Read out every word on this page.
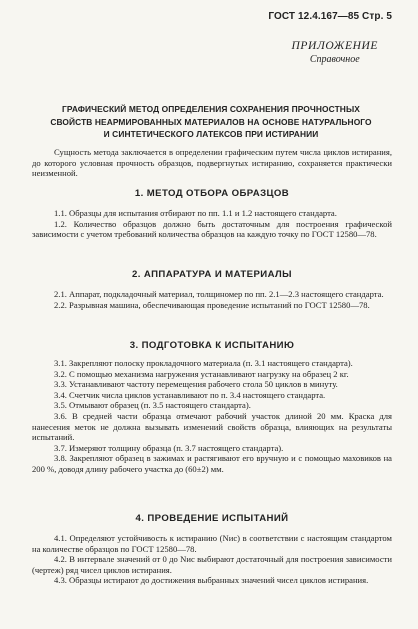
ГОСТ 12.4.167—85 Стр. 5
ПРИЛОЖЕНИЕ
Справочное
ГРАФИЧЕСКИЙ МЕТОД ОПРЕДЕЛЕНИЯ СОХРАНЕНИЯ ПРОЧНОСТНЫХ
СВОЙСТВ НЕАРМИРОВАННЫХ МАТЕРИАЛОВ НА ОСНОВЕ НАТУРАЛЬНОГО
И СИНТЕТИЧЕСКОГО ЛАТЕКСОВ ПРИ ИСТИРАНИИ

Сущность метода заключается в определении графическим путем числа циклов истирания, до которого условная прочность образцов, подвергнутых истиранию, сохраняется практически неизменной.

1. МЕТОД ОТБОРА ОБРАЗЦОВ

1.1. Образцы для испытания отбирают по пп. 1.1 и 1.2 настоящего стандарта.

1.2. Количество образцов должно быть достаточным для построения графической зависимости с учетом требований количества образцов на каждую точку по ГОСТ 12580—78.

2. АППАРАТУРА И МАТЕРИАЛЫ

2.1. Аппарат, подкладочный материал, толщиномер по пп. 2.1—2.3 настоящего стандарта.

2.2. Разрывная машина, обеспечивающая проведение испытаний по ГОСТ 12580—78.

3. ПОДГОТОВКА К ИСПЫТАНИЮ

3.1. Закрепляют полоску прокладочного материала (п. 3.1 настоящего стандарта).

3.2. С помощью механизма нагружения устанавливают нагрузку на образец 2 кг.

3.3. Устанавливают частоту перемещения рабочего стола 50 циклов в минуту.

3.4. Счетчик числа циклов устанавливают по п. 3.4 настоящего стандарта.

3.5. Отмывают образец (п. 3.5 настоящего стандарта).

3.6. В средней части образца отмечают рабочий участок длиной 20 мм. Краска для нанесения меток не должна вызывать изменений свойств образца, влияющих на результаты испытаний.

3.7. Измеряют толщину образца (п. 3.7 настоящего стандарта).

3.8. Закрепляют образец в зажимах и растягивают его вручную и с помощью маховиков на 200 %, доводя длину рабочего участка до (60±2) мм.

4. ПРОВЕДЕНИЕ ИСПЫТАНИЙ

4.1. Определяют устойчивость к истиранию (Nис) в соответствии с настоящим стандартом на количестве образцов по ГОСТ 12580—78.

4.2. В интервале значений от 0 до Nис выбирают достаточный для построения зависимости (чертеж) ряд чисел циклов истирания.

4.3. Образцы истирают до достижения выбранных значений чисел циклов истирания.
